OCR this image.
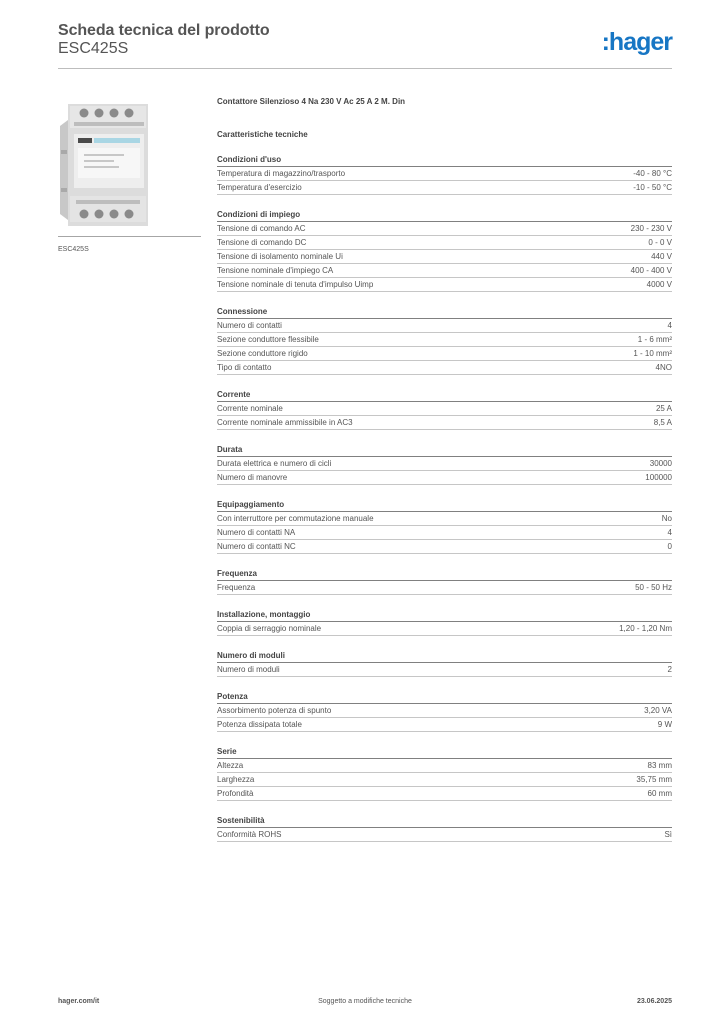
Scheda tecnica del prodotto
ESC425S	:hager
ESC425S
Contattore Silenzioso 4 Na 230 V Ac 25 A 2 M. Din
Caratteristiche tecniche
Condizioni d'uso
Temperatura di magazzino/trasporto	-40 - 80 °C
Temperatura d'esercizio	-10 - 50 °C
Condizioni di impiego
Tensione di comando AC	230 - 230 V
Tensione di comando DC	0 - 0 V
Tensione di isolamento nominale Ui	440 V
Tensione nominale d'impiego CA	400 - 400 V
Tensione nominale di tenuta d'impulso Uimp	4000 V
Connessione
Numero di contatti	4
Sezione conduttore flessibile	1 - 6 mm²
Sezione conduttore rigido	1 - 10 mm²
Tipo di contatto	4NO
Corrente
Corrente nominale	25 A
Corrente nominale ammissibile in AC3	8,5 A
Durata
Durata elettrica e numero di cicli	30000
Numero di manovre	100000
Equipaggiamento
Con interruttore per commutazione manuale	No
Numero di contatti NA	4
Numero di contatti NC	0
Frequenza
Frequenza	50 - 50 Hz
Installazione, montaggio
Coppia di serraggio nominale	1,20 - 1,20 Nm
Numero di moduli
Numero di moduli	2
Potenza
Assorbimento potenza di spunto	3,20 VA
Potenza dissipata totale	9 W
Serie
Altezza	83 mm
Larghezza	35,75 mm
Profondità	60 mm
Sostenibilità
Conformità ROHS	Sì
hager.com/it	Soggetto a modifiche tecniche	23.06.2025
